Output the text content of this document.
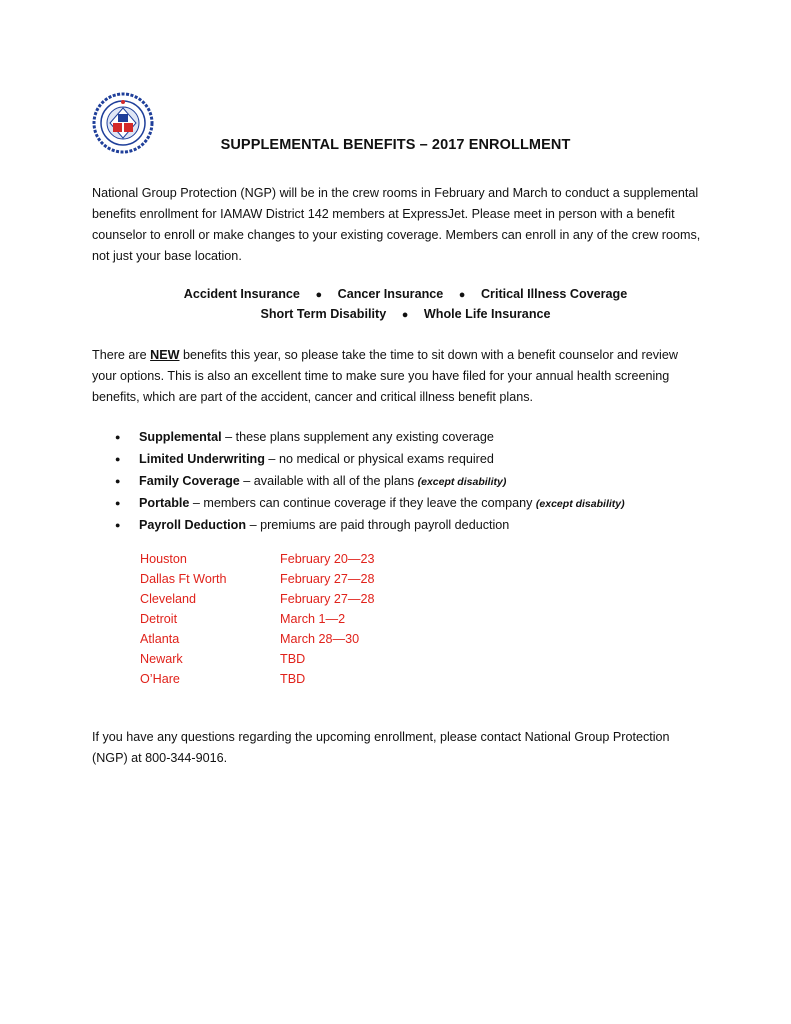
SUPPLEMENTAL BENEFITS – 2017 ENROLLMENT

National Group Protection (NGP) will be in the crew rooms in February and March to conduct a supplemental benefits enrollment for IAMAW District 142 members at ExpressJet. Please meet in person with a benefit counselor to enroll or make changes to your existing coverage. Members can enroll in any of the crew rooms, not just your base location.

Accident Insurance ● Cancer Insurance ● Critical Illness Coverage
Short Term Disability ● Whole Life Insurance

There are NEW benefits this year, so please take the time to sit down with a benefit counselor and review your options. This is also an excellent time to make sure you have filed for your annual health screening benefits, which are part of the accident, cancer and critical illness benefit plans.

● Supplemental – these plans supplement any existing coverage
● Limited Underwriting – no medical or physical exams required
● Family Coverage – available with all of the plans (except disability)
● Portable – members can continue coverage if they leave the company (except disability)
● Payroll Deduction – premiums are paid through payroll deduction
Houston	February 20—23
Dallas Ft Worth	February 27—28
Cleveland	February 27—28
Detroit	March 1—2
Atlanta	March 28—30
Newark	TBD
O’Hare	TBD

If you have any questions regarding the upcoming enrollment, please contact National Group Protection (NGP) at 800-344-9016.
